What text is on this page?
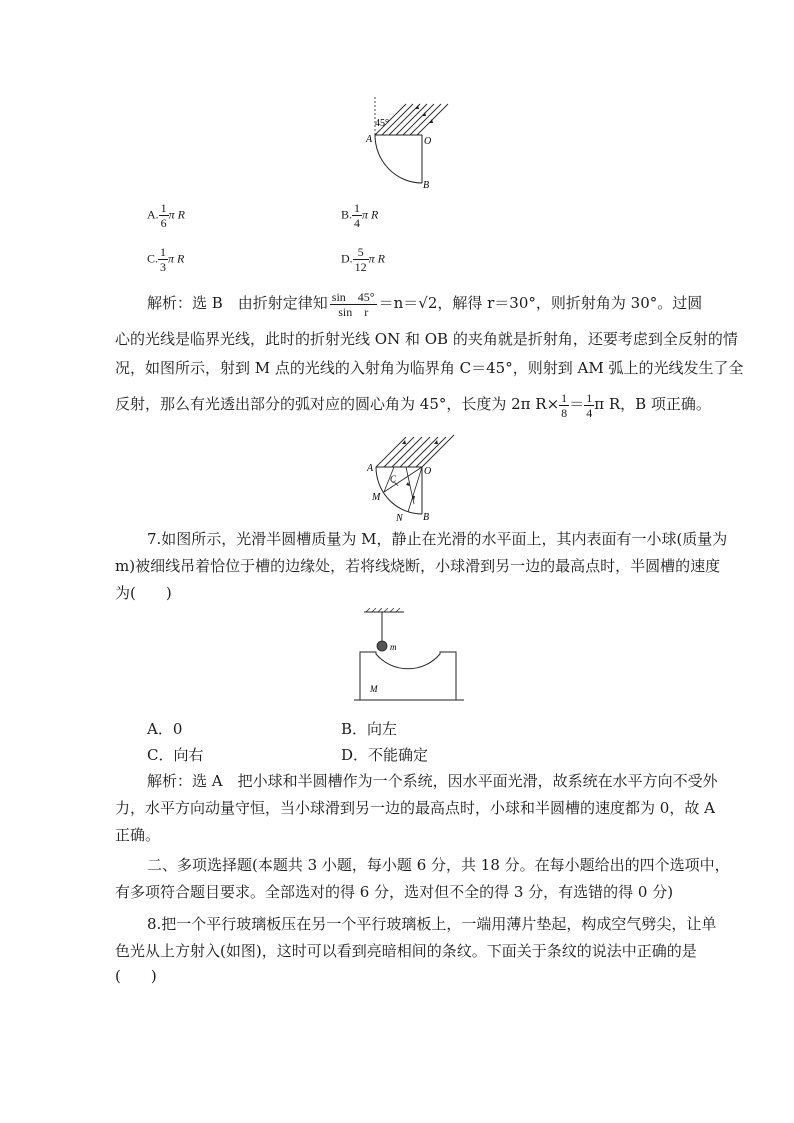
45°
A	O
B
A. $\frac{1}{6}$ π R	B. $\frac{1}{4}$ π R
C. $\frac{1}{3}$ π R	D. $\frac{5}{12}$ π R
解析：选 B　由折射定律知 $\frac{\sin 45^\circ}{\text{sin　r}} =n=√2$，解得 r＝30°，则折射角为 30°。过圆
心的光线是临界光线，此时的折射光线 ON 和 OB 的夹角就是折射角，还要考虑到全反射的情
况，如图所示，射到 M 点的光线的入射角为临界角 C＝45°，则射到 AM 弧上的光线发生了全
反射，那么有光透出部分的弧对应的圆心角为 45°，长度为 2π $R\times \frac{1}{8} = \frac{1}{4}$ π R，B 项正确。
A	O
C
M
N B
7.如图所示，光滑半圆槽质量为 M，静止在光滑的水平面上，其内表面有一小球(质量为
m)被细线吊着恰位于槽的边缘处，若将线烧断，小球滑到另一边的最高点时，半圆槽的速度
为(　　)
m
M
A．0	B．向左
C．向右	D．不能确定
解析：选 A　把小球和半圆槽作为一个系统，因水平面光滑，故系统在水平方向不受外
力，水平方向动量守恒，当小球滑到另一边的最高点时，小球和半圆槽的速度都为 0，故 A
正确。
二、多项选择题(本题共 3 小题，每小题 6 分，共 18 分。在每小题给出的四个选项中，
有多项符合题目要求。全部选对的得 6 分，选对但不全的得 3 分，有选错的得 0 分)
8.把一个平行玻璃板压在另一个平行玻璃板上，一端用薄片垫起，构成空气劈尖，让单
色光从上方射入(如图)，这时可以看到亮暗相间的条纹。下面关于条纹的说法中正确的是
(　　)
